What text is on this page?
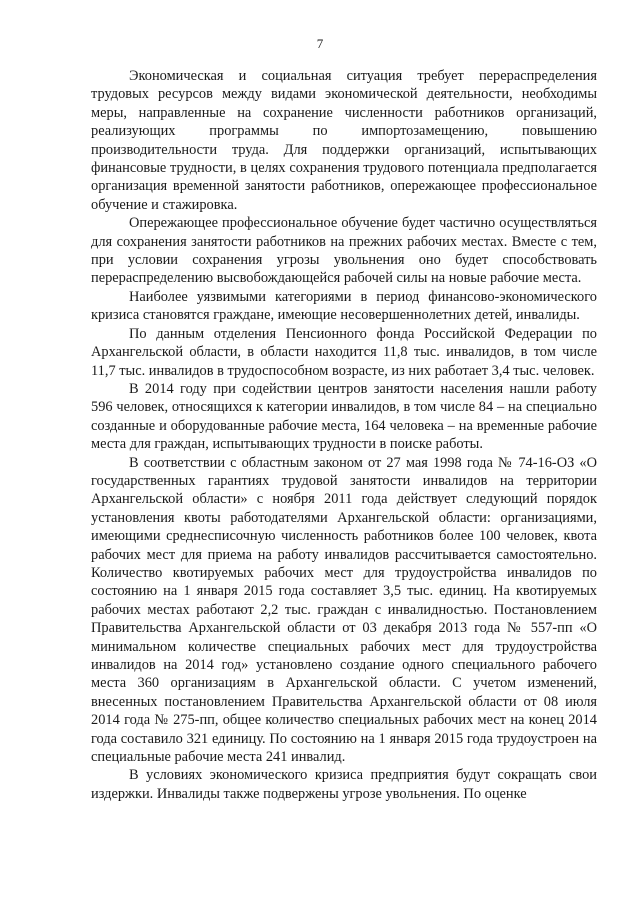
7

Экономическая и социальная ситуация требует перераспределения трудовых ресурсов между видами экономической деятельности, необходимы меры, направленные на сохранение численности работников организаций, реализующих программы по импортозамещению, повышению производительности труда. Для поддержки организаций, испытывающих финансовые трудности, в целях сохранения трудового потенциала предполагается организация временной занятости работников, опережающее профессиональное обучение и стажировка.

Опережающее профессиональное обучение будет частично осуществляться для сохранения занятости работников на прежних рабочих местах. Вместе с тем, при условии сохранения угрозы увольнения оно будет способствовать перераспределению высвобождающейся рабочей силы на новые рабочие места.

Наиболее уязвимыми категориями в период финансово-экономического кризиса становятся граждане, имеющие несовершеннолетних детей, инвалиды.

По данным отделения Пенсионного фонда Российской Федерации по Архангельской области, в области находится 11,8 тыс. инвалидов, в том числе 11,7 тыс. инвалидов в трудоспособном возрасте, из них работает 3,4 тыс. человек.

В 2014 году при содействии центров занятости населения нашли работу 596 человек, относящихся к категории инвалидов, в том числе 84 – на специально созданные и оборудованные рабочие места, 164 человека – на временные рабочие места для граждан, испытывающих трудности в поиске работы.

В соответствии с областным законом от 27 мая 1998 года № 74-16-ОЗ «О государственных гарантиях трудовой занятости инвалидов на территории Архангельской области» с ноября 2011 года действует следующий порядок установления квоты работодателями Архангельской области: организациями, имеющими среднесписочную численность работников более 100 человек, квота рабочих мест для приема на работу инвалидов рассчитывается самостоятельно. Количество квотируемых рабочих мест для трудоустройства инвалидов по состоянию на 1 января 2015 года составляет 3,5 тыс. единиц. На квотируемых рабочих местах работают 2,2 тыс. граждан с инвалидностью. Постановлением Правительства Архангельской области от 03 декабря 2013 года № 557-пп «О минимальном количестве специальных рабочих мест для трудоустройства инвалидов на 2014 год» установлено создание одного специального рабочего места 360 организациям в Архангельской области. С учетом изменений, внесенных постановлением Правительства Архангельской области от 08 июля 2014 года № 275-пп, общее количество специальных рабочих мест на конец 2014 года составило 321 единицу. По состоянию на 1 января 2015 года трудоустроен на специальные рабочие места 241 инвалид.

В условиях экономического кризиса предприятия будут сокращать свои издержки. Инвалиды также подвержены угрозе увольнения. По оценке
